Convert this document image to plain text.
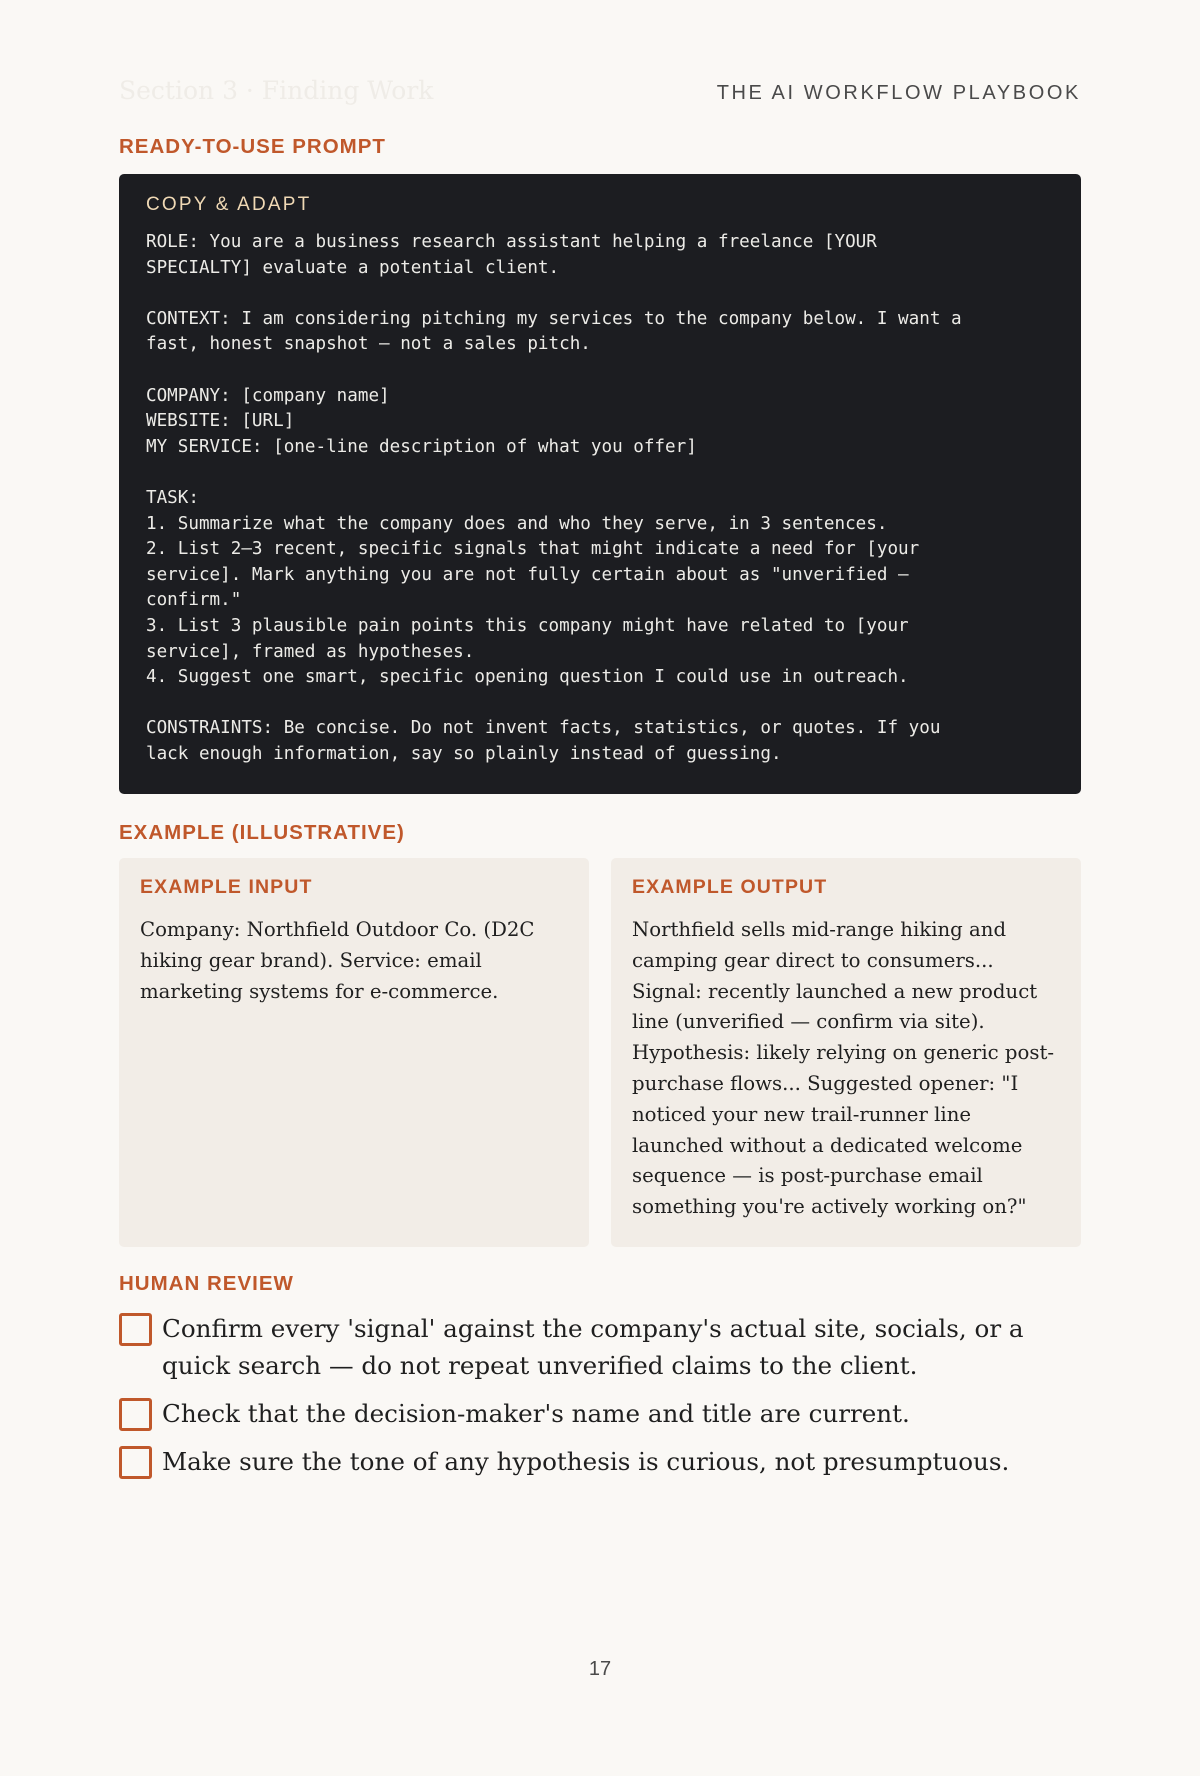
Section 3 · Finding Work	THE AI WORKFLOW PLAYBOOK
READY-TO-USE PROMPT
COPY & ADAPT
ROLE: You are a business research assistant helping a freelance [YOUR
SPECIALTY] evaluate a potential client.

CONTEXT: I am considering pitching my services to the company below. I want a
fast, honest snapshot — not a sales pitch.

COMPANY: [company name]
WEBSITE: [URL]
MY SERVICE: [one-line description of what you offer]

TASK:
1. Summarize what the company does and who they serve, in 3 sentences.
2. List 2–3 recent, specific signals that might indicate a need for [your
service]. Mark anything you are not fully certain about as "unverified —
confirm."
3. List 3 plausible pain points this company might have related to [your
service], framed as hypotheses.
4. Suggest one smart, specific opening question I could use in outreach.

CONSTRAINTS: Be concise. Do not invent facts, statistics, or quotes. If you
lack enough information, say so plainly instead of guessing.
EXAMPLE (ILLUSTRATIVE)
EXAMPLE INPUT

Company: Northfield Outdoor Co. (D2C hiking gear brand). Service: email marketing systems for e-commerce.

EXAMPLE OUTPUT

Northfield sells mid-range hiking and camping gear direct to consumers... Signal: recently launched a new product line (unverified — confirm via site). Hypothesis: likely relying on generic post-purchase flows... Suggested opener: "I noticed your new trail-runner line launched without a dedicated welcome sequence — is post-purchase email something you're actively working on?"

HUMAN REVIEW
Confirm every 'signal' against the company's actual site, socials, or a quick search — do not repeat unverified claims to the client.
Check that the decision-maker's name and title are current.
Make sure the tone of any hypothesis is curious, not presumptuous.
17
